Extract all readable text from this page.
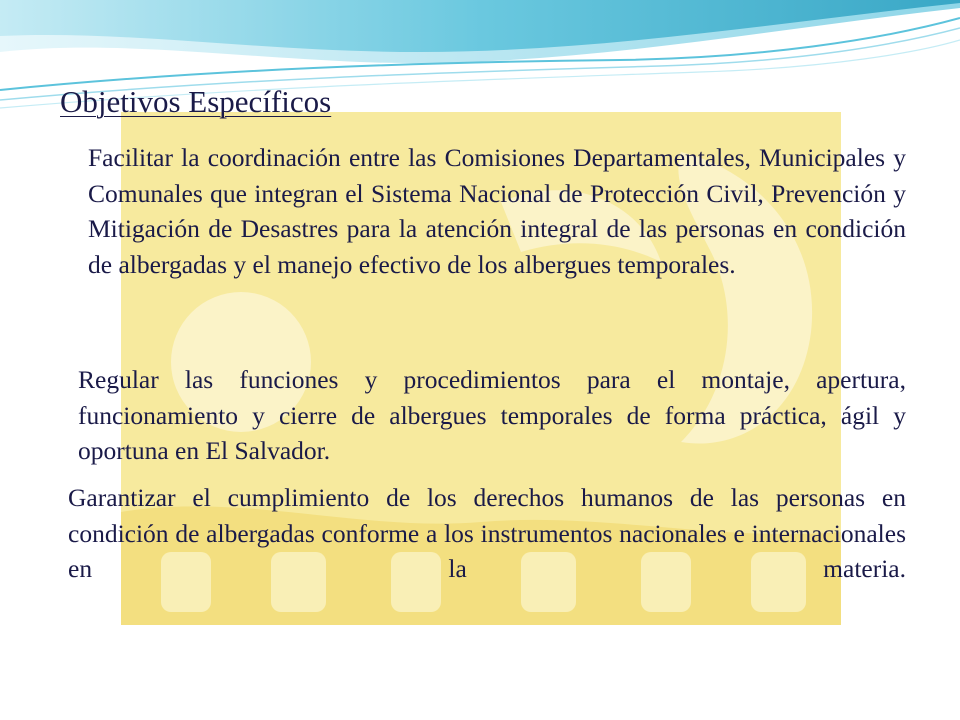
Objetivos Específicos
Facilitar la coordinación entre las Comisiones Departamentales, Municipales y Comunales que integran el Sistema Nacional de Protección Civil, Prevención y Mitigación de Desastres para la atención integral de las personas en condición de albergadas y el manejo efectivo de los albergues temporales.
Regular las funciones y procedimientos para el montaje, apertura, funcionamiento y cierre de albergues temporales de forma práctica, ágil y oportuna en El Salvador.
Garantizar el cumplimiento de los derechos humanos de las personas en condición de albergadas conforme a los instrumentos nacionales e internacionales en la materia.
